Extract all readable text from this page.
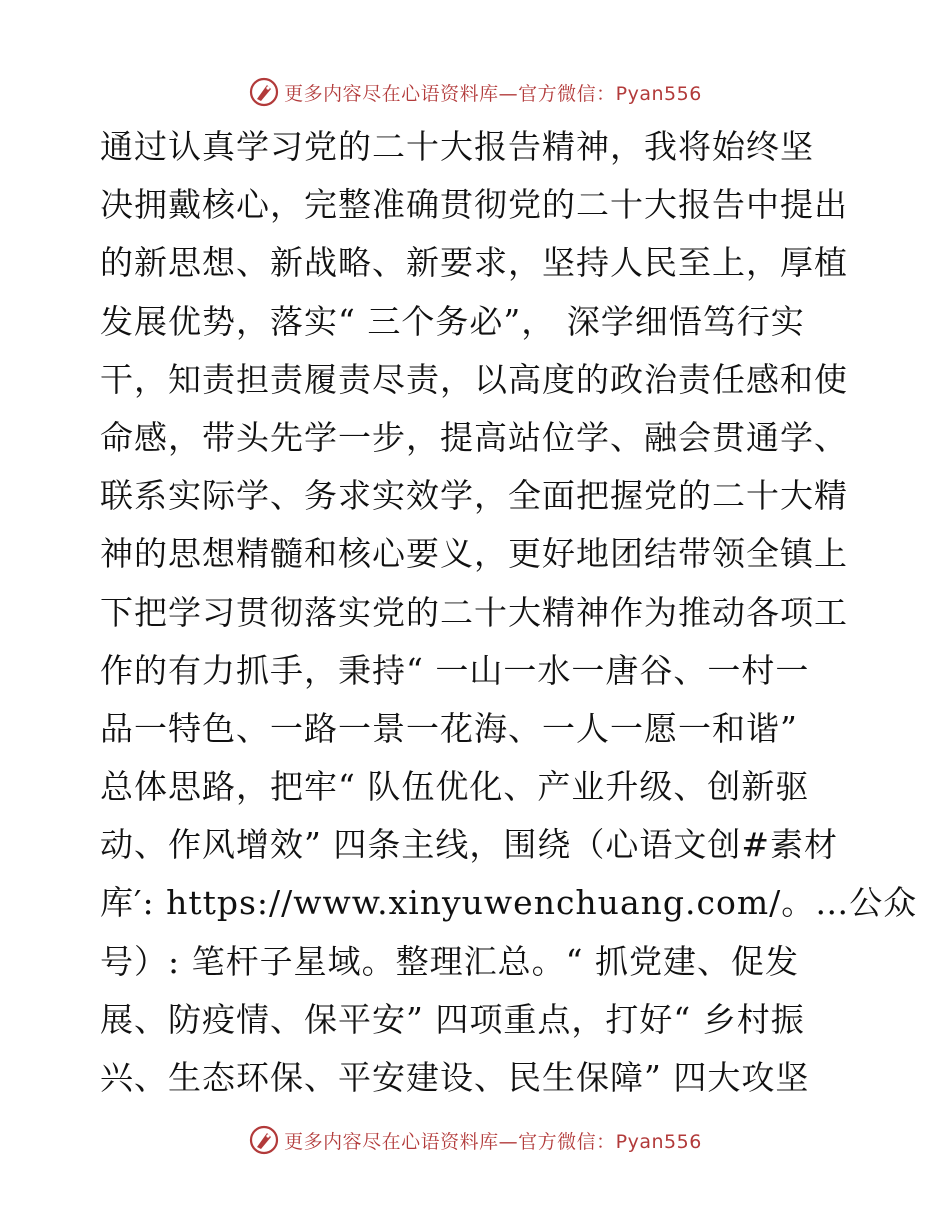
更多内容尽在心语资料库—官方微信：Pyan556
通过认真学习党的二十大报告精神，我将始终坚
决拥戴核心，完整准确贯彻党的二十大报告中提出
的新思想、新战略、新要求，坚持人民至上，厚植
发展优势，落实“ 三个务必”， 深学细悟笃行实
干，知责担责履责尽责，以高度的政治责任感和使
命感，带头先学一步，提高站位学、融会贯通学、
联系实际学、务求实效学，全面把握党的二十大精
神的思想精髓和核心要义，更好地团结带领全镇上
下把学习贯彻落实党的二十大精神作为推动各项工
作的有力抓手，秉持“ 一山一水一唐谷、一村一
品一特色、一路一景一花海、一人一愿一和谐”
总体思路，把牢“ 队伍优化、产业升级、创新驱
动、作风增效” 四条主线，围绕（心语文创#素材
库′: https://www.xinyuwenchuang.com/。…公众
号）: 笔杆子星域。整理汇总。“ 抓党建、促发
展、防疫情、保平安” 四项重点，打好“ 乡村振
兴、生态环保、平安建设、民生保障” 四大攻坚
更多内容尽在心语资料库—官方微信：Pyan556
